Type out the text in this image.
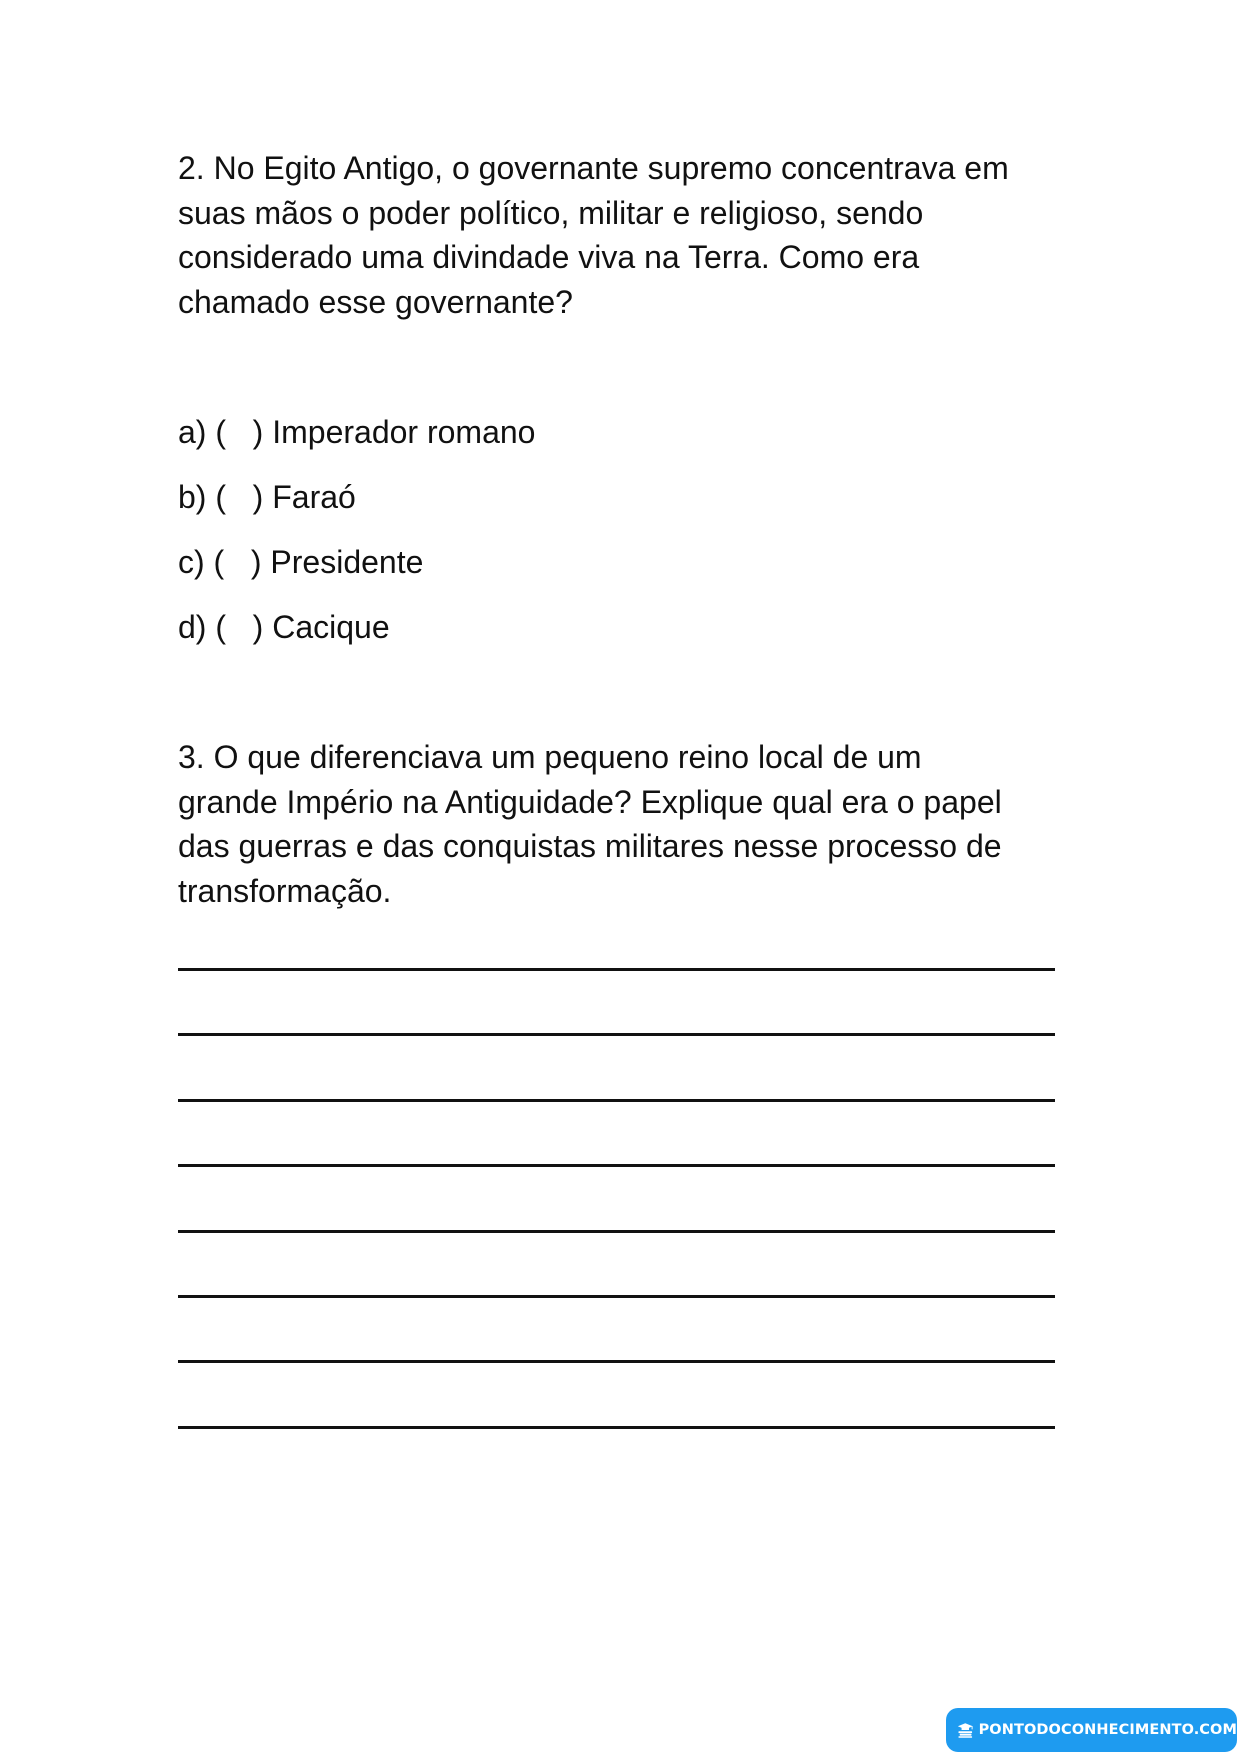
2. No Egito Antigo, o governante supremo concentrava em
suas mãos o poder político, militar e religioso, sendo
considerado uma divindade viva na Terra. Como era
chamado esse governante?
a) (   ) Imperador romano
b) (   ) Faraó
c) (   ) Presidente
d) (   ) Cacique
3. O que diferenciava um pequeno reino local de um
grande Império na Antiguidade? Explique qual era o papel
das guerras e das conquistas militares nesse processo de
transformação.
PONTODOCONHECIMENTO.COM
